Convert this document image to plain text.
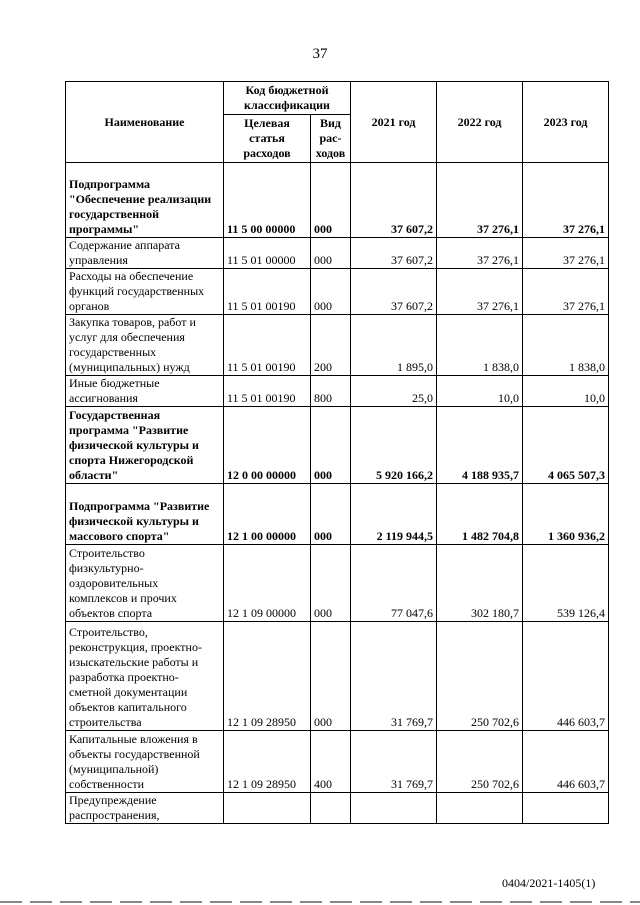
37
Наименование	Код бюджетной классификации		2021 год	2022 год	2023 год
	Целевая статья расходов	Вид рас-ходов			
Подпрограмма "Обеспечение реализации государственной программы"	11 5 00 00000	000	37 607,2	37 276,1	37 276,1
Содержание аппарата управления	11 5 01 00000	000	37 607,2	37 276,1	37 276,1
Расходы на обеспечение функций государственных органов	11 5 01 00190	000	37 607,2	37 276,1	37 276,1
Закупка товаров, работ и услуг для обеспечения государственных (муниципальных) нужд	11 5 01 00190	200	1 895,0	1 838,0	1 838,0
Иные бюджетные ассигнования	11 5 01 00190	800	25,0	10,0	10,0
Государственная программа "Развитие физической культуры и спорта Нижегородской области"	12 0 00 00000	000	5 920 166,2	4 188 935,7	4 065 507,3
Подпрограмма "Развитие физической культуры и массового спорта"	12 1 00 00000	000	2 119 944,5	1 482 704,8	1 360 936,2
Строительство физкультурно-оздоровительных комплексов и прочих объектов спорта	12 1 09 00000	000	77 047,6	302 180,7	539 126,4
Строительство, реконструкция, проектно-изыскательские работы и разработка проектно-сметной документации объектов капитального строительства	12 1 09 28950	000	31 769,7	250 702,6	446 603,7
Капитальные вложения в объекты государственной (муниципальной) собственности	12 1 09 28950	400	31 769,7	250 702,6	446 603,7
Предупреждение распространения,					
0404/2021-1405(1)
